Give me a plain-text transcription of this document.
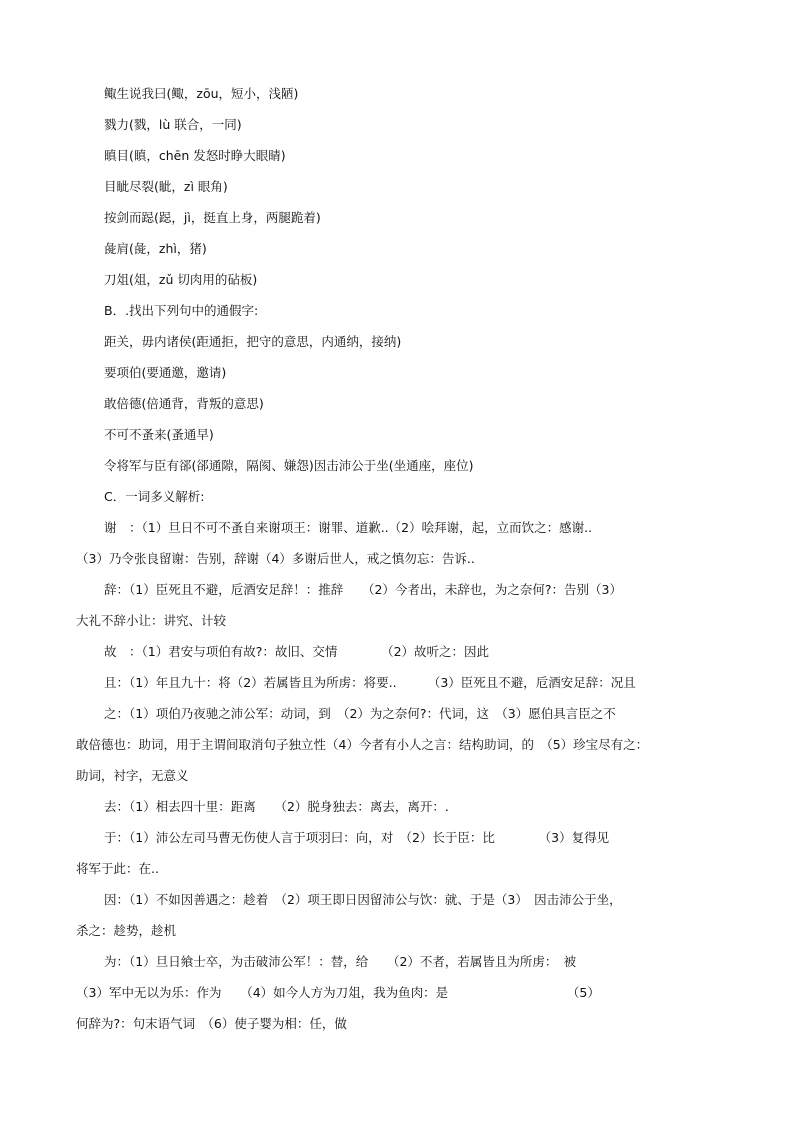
鲰生说我曰(鲰，zōu，短小，浅陋)
戮力(戮，lù 联合，一同)
瞋目(瞋，chēn 发怒时睁大眼睛)
目眦尽裂(眦，zì 眼角)
按剑而跽(跽，jì，挺直上身，两腿跪着)
彘肩(彘，zhì，猪)
刀俎(俎，zǔ 切肉用的砧板)
B．.找出下列句中的通假字:
距关，毋内诸侯(距通拒，把守的意思，内通纳，接纳)
要项伯(要通邀，邀请)
敢倍德(倍通背，背叛的意思)
不可不蚤来(蚤通早)
令将军与臣有郤(郤通隙，隔阂、嫌怨)因击沛公于坐(坐通座，座位)
C．一词多义解析:
谢　：（1）旦日不可不蚤自来谢项王：谢罪、道歉..（2）哙拜谢，起，立而饮之：感谢..
（3）乃令张良留谢：告别，辞谢（4）多谢后世人，戒之慎勿忘：告诉..
辞：（1）臣死且不避，卮酒安足辞！：推辞　　（2）今者出，未辞也，为之奈何?：告别（3）
大礼不辞小让：讲究、计较
故　：（1）君安与项伯有故?：故旧、交情　　　　（2）故听之：因此
且：（1）年且九十：将（2）若属皆且为所虏：将要..　　　（3）臣死且不避，卮酒安足辞：况且
之：（1）项伯乃夜驰之沛公军：动词，到　（2）为之奈何?：代词，这　（3）愿伯具言臣之不
敢倍德也：助词，用于主谓间取消句子独立性（4）今者有小人之言：结构助词，的　（5）珍宝尽有之：
助词，衬字，无意义
去：（1）相去四十里：距离　　（2）脱身独去：离去，离开：.
于：（1）沛公左司马曹无伤使人言于项羽曰：向，对　（2）长于臣：比　　　　（3）复得见
将军于此：在..
因：（1）不如因善遇之：趁着　（2）项王即日因留沛公与饮：就、于是（3）　因击沛公于坐，
杀之：趁势，趁机
为：（1）旦日飨士卒，为击破沛公军！：替，给　　（2）不者，若属皆且为所虏：　被
（3）军中无以为乐：作为　　（4）如今人方为刀俎，我为鱼肉：是　　　　　　　　　　（5）
何辞为?：句末语气词　（6）使子婴为相：任，做
